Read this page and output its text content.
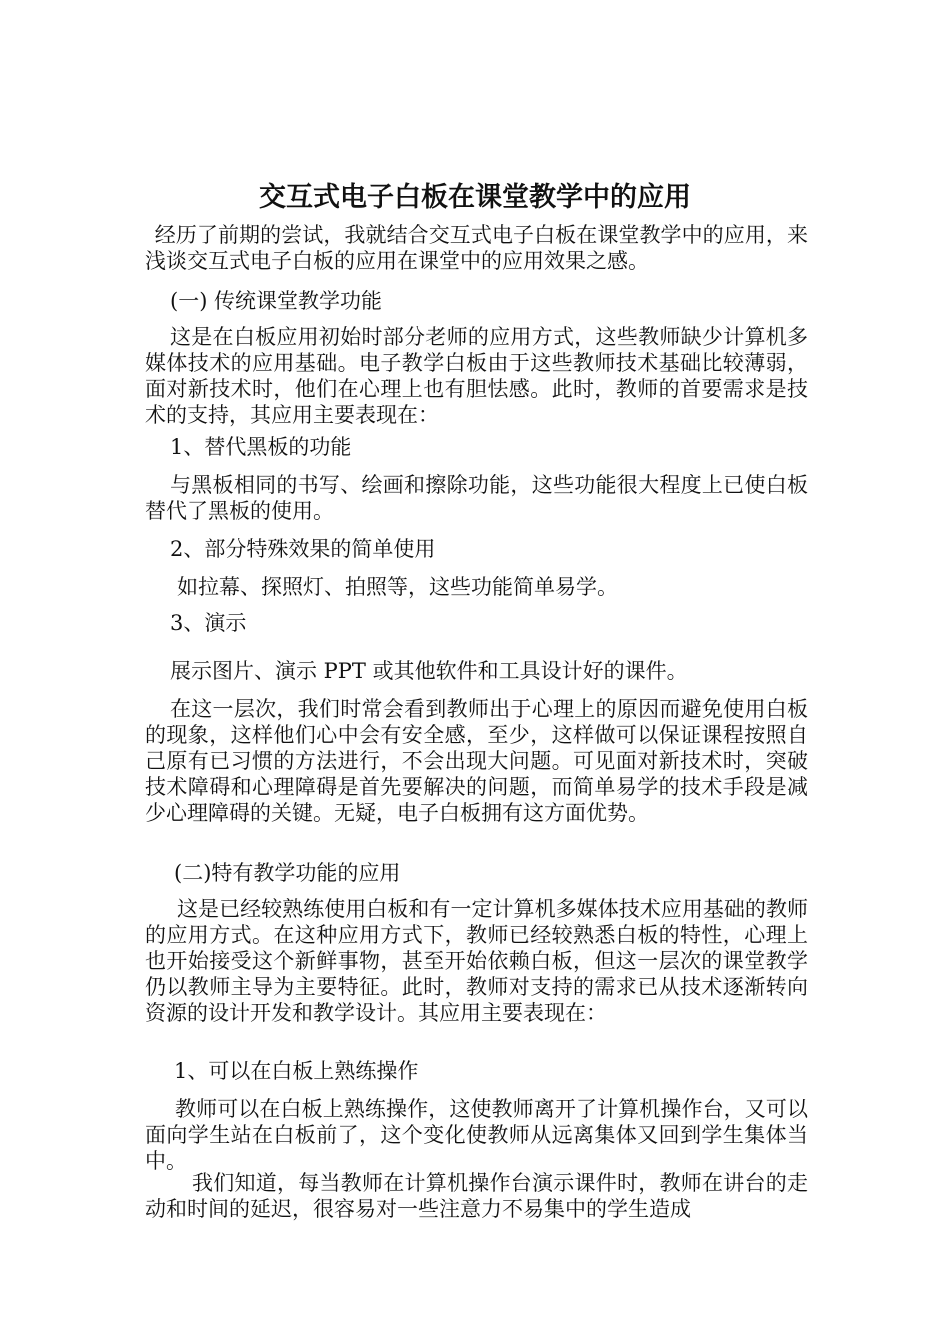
交互式电子白板在课堂教学中的应用

经历了前期的尝试，我就结合交互式电子白板在课堂教学中的应用，来浅谈交互式电子白板的应用在课堂中的应用效果之感。

(一) 传统课堂教学功能

这是在白板应用初始时部分老师的应用方式，这些教师缺少计算机多媒体技术的应用基础。电子教学白板由于这些教师技术基础比较薄弱，面对新技术时，他们在心理上也有胆怯感。此时，教师的首要需求是技术的支持，其应用主要表现在：

1、替代黑板的功能

与黑板相同的书写、绘画和擦除功能，这些功能很大程度上已使白板替代了黑板的使用。

2、部分特殊效果的简单使用

如拉幕、探照灯、拍照等，这些功能简单易学。

3、演示

展示图片、演示 PPT 或其他软件和工具设计好的课件。

在这一层次，我们时常会看到教师出于心理上的原因而避免使用白板的现象，这样他们心中会有安全感，至少，这样做可以保证课程按照自己原有已习惯的方法进行，不会出现大问题。可见面对新技术时，突破技术障碍和心理障碍是首先要解决的问题，而简单易学的技术手段是减少心理障碍的关键。无疑，电子白板拥有这方面优势。

(二)特有教学功能的应用

这是已经较熟练使用白板和有一定计算机多媒体技术应用基础的教师的应用方式。在这种应用方式下，教师已经较熟悉白板的特性，心理上也开始接受这个新鲜事物，甚至开始依赖白板，但这一层次的课堂教学仍以教师主导为主要特征。此时，教师对支持的需求已从技术逐渐转向资源的设计开发和教学设计。其应用主要表现在：

1、可以在白板上熟练操作

教师可以在白板上熟练操作，这使教师离开了计算机操作台，又可以面向学生站在白板前了，这个变化使教师从远离集体又回到学生集体当中。

我们知道，每当教师在计算机操作台演示课件时，教师在讲台的走动和时间的延迟，很容易对一些注意力不易集中的学生造成
